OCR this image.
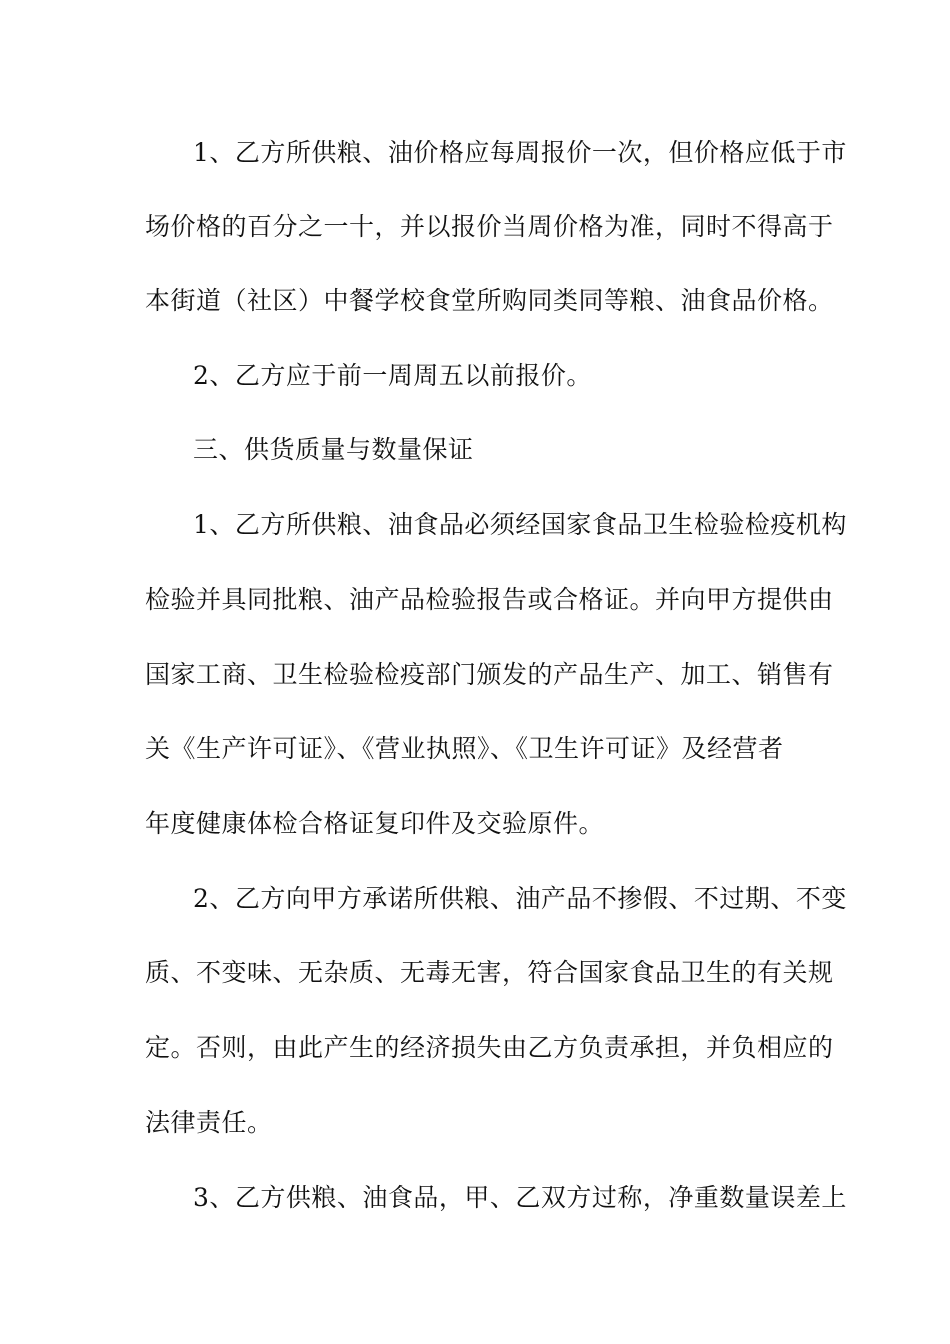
1、乙方所供粮、油价格应每周报价一次，但价格应低于市
场价格的百分之一十，并以报价当周价格为准，同时不得高于
本街道（社区）中餐学校食堂所购同类同等粮、油食品价格。
2、乙方应于前一周周五以前报价。
三、供货质量与数量保证
1、乙方所供粮、油食品必须经国家食品卫生检验检疫机构
检验并具同批粮、油产品检验报告或合格证。并向甲方提供由
国家工商、卫生检验检疫部门颁发的产品生产、加工、销售有
关《生产许可证》、《营业执照》、《卫生许可证》及经营者
年度健康体检合格证复印件及交验原件。
2、乙方向甲方承诺所供粮、油产品不掺假、不过期、不变
质、不变味、无杂质、无毒无害，符合国家食品卫生的有关规
定。否则，由此产生的经济损失由乙方负责承担，并负相应的
法律责任。
3、乙方供粮、油食品，甲、乙双方过称，净重数量误差上
